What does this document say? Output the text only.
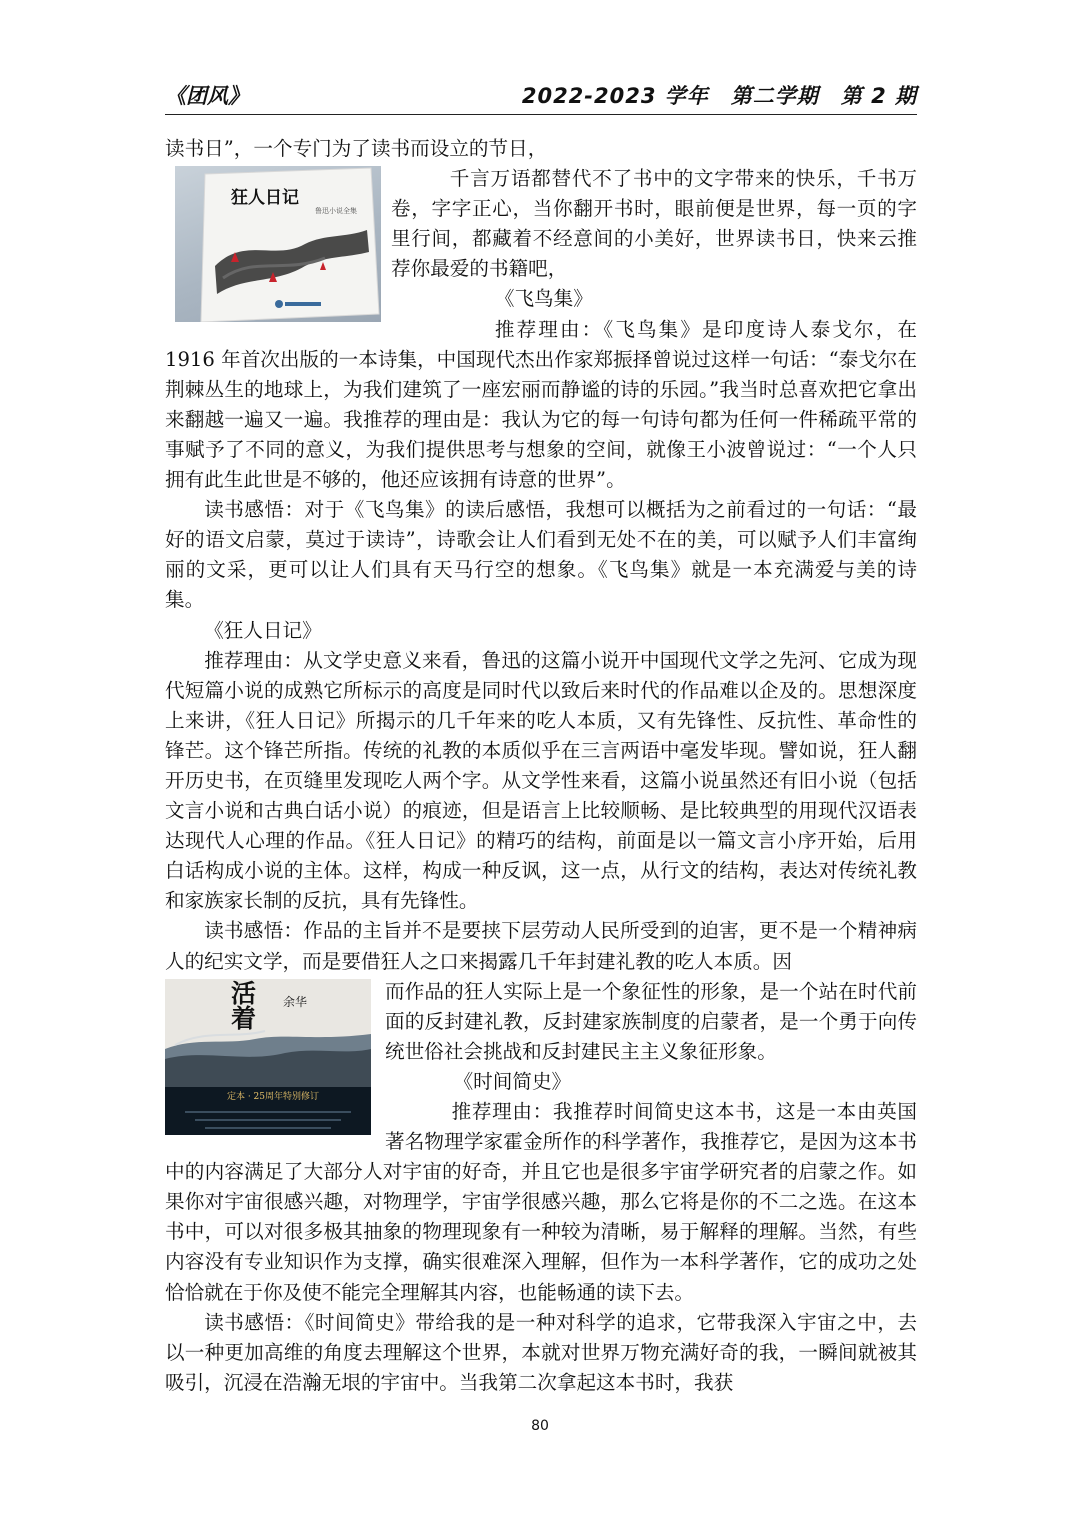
《团风》	2022-2023 学年　第二学期　第 2 期

读书日”，一个专门为了读书而设立的节日，

狂人日记
鲁迅小说全集

千言万语都替代不了书中的文字带来的快乐，千书万卷，字字正心，当你翻开书时，眼前便是世界，每一页的字里行间，都藏着不经意间的小美好，世界读书日，快来云推荐你最爱的书籍吧，

《飞鸟集》

推荐理由：《飞鸟集》是印度诗人泰戈尔，在 1916 年首次出版的一本诗集，中国现代杰出作家郑振择曾说过这样一句话：“泰戈尔在荆棘丛生的地球上，为我们建筑了一座宏丽而静谧的诗的乐园。”我当时总喜欢把它拿出来翻越一遍又一遍。我推荐的理由是：我认为它的每一句诗句都为任何一件稀疏平常的事赋予了不同的意义，为我们提供思考与想象的空间，就像王小波曾说过：“一个人只拥有此生此世是不够的，他还应该拥有诗意的世界”。

读书感悟：对于《飞鸟集》的读后感悟，我想可以概括为之前看过的一句话：“最好的语文启蒙，莫过于读诗”，诗歌会让人们看到无处不在的美，可以赋予人们丰富绚丽的文采，更可以让人们具有天马行空的想象。《飞鸟集》就是一本充满爱与美的诗集。

《狂人日记》

推荐理由：从文学史意义来看，鲁迅的这篇小说开中国现代文学之先河、它成为现代短篇小说的成熟它所标示的高度是同时代以致后来时代的作品难以企及的。思想深度上来讲，《狂人日记》所揭示的几千年来的吃人本质，又有先锋性、反抗性、革命性的锋芒。这个锋芒所指。传统的礼教的本质似乎在三言两语中毫发毕现。譬如说，狂人翻开历史书，在页缝里发现吃人两个字。从文学性来看，这篇小说虽然还有旧小说（包括文言小说和古典白话小说）的痕迹，但是语言上比较顺畅、是比较典型的用现代汉语表达现代人心理的作品。《狂人日记》的精巧的结构，前面是以一篇文言小序开始，后用白话构成小说的主体。这样，构成一种反讽，这一点，从行文的结构，表达对传统礼教和家族家长制的反抗，具有先锋性。

读书感悟：作品的主旨并不是要挟下层劳动人民所受到的迫害，更不是一个精神病人的纪实文学，而是要借狂人之口来揭露几千年封建礼教的吃人本质。因

活着
余华
定本 · 25周年特别修订

而作品的狂人实际上是一个象征性的形象，是一个站在时代前面的反封建礼教，反封建家族制度的启蒙者，是一个勇于向传统世俗社会挑战和反封建民主主义象征形象。

《时间简史》

推荐理由：我推荐时间简史这本书，这是一本由英国著名物理学家霍金所作的科学著作，我推荐它，是因为这本书中的内容满足了大部分人对宇宙的好奇，并且它也是很多宇宙学研究者的启蒙之作。如果你对宇宙很感兴趣，对物理学，宇宙学很感兴趣，那么它将是你的不二之选。在这本书中，可以对很多极其抽象的物理现象有一种较为清晰，易于解释的理解。当然，有些内容没有专业知识作为支撑，确实很难深入理解，但作为一本科学著作，它的成功之处恰恰就在于你及使不能完全理解其内容，也能畅通的读下去。

读书感悟：《时间简史》带给我的是一种对科学的追求，它带我深入宇宙之中，去以一种更加高维的角度去理解这个世界，本就对世界万物充满好奇的我，一瞬间就被其吸引，沉浸在浩瀚无垠的宇宙中。当我第二次拿起这本书时，我获

80
